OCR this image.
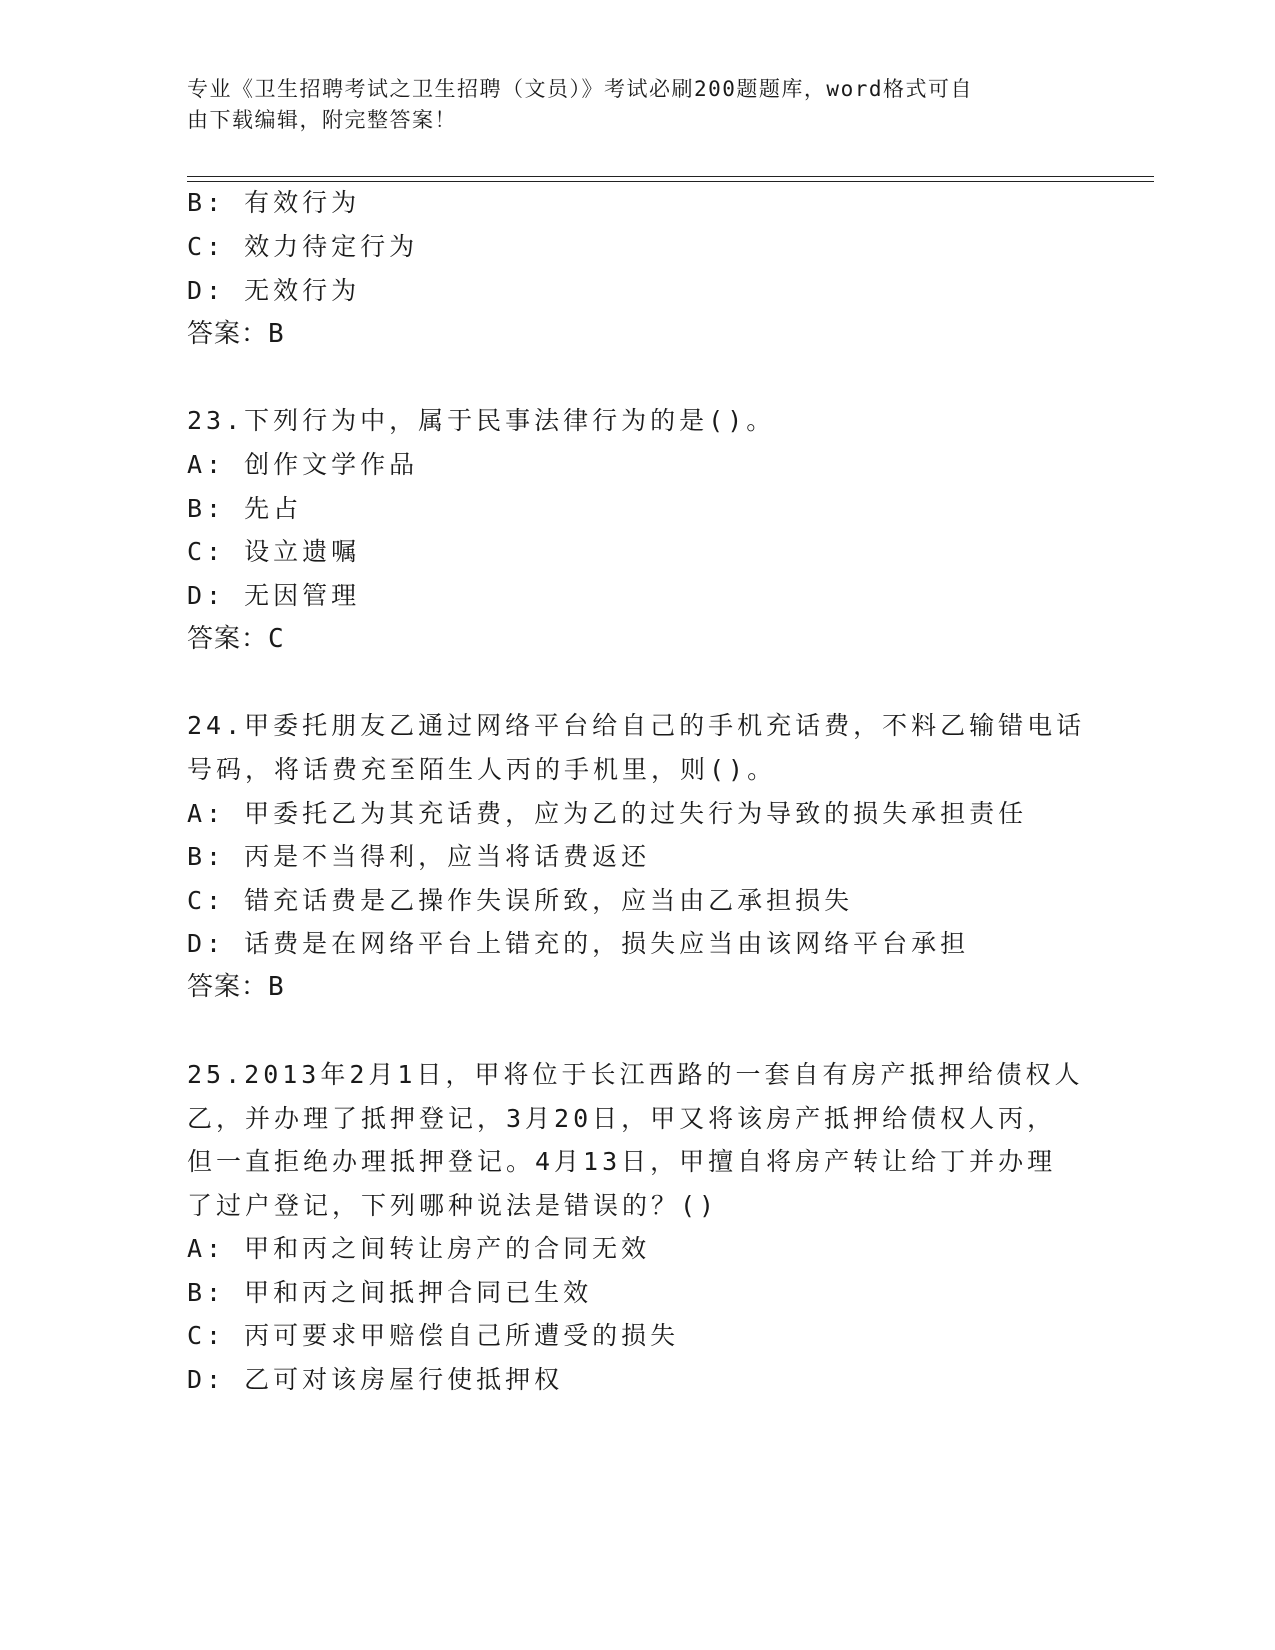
专业《卫生招聘考试之卫生招聘（文员）》考试必刷200题题库，word格式可自
由下载编辑，附完整答案！
B: 有效行为
C: 效力待定行为
D: 无效行为
答案：B
23.下列行为中，属于民事法律行为的是()。
A: 创作文学作品
B: 先占
C: 设立遗嘱
D: 无因管理
答案：C
24.甲委托朋友乙通过网络平台给自己的手机充话费，不料乙输错电话
号码，将话费充至陌生人丙的手机里，则()。
A: 甲委托乙为其充话费，应为乙的过失行为导致的损失承担责任
B: 丙是不当得利，应当将话费返还
C: 错充话费是乙操作失误所致，应当由乙承担损失
D: 话费是在网络平台上错充的，损失应当由该网络平台承担
答案：B
25.2013年2月1日，甲将位于长江西路的一套自有房产抵押给债权人
乙，并办理了抵押登记，3月20日，甲又将该房产抵押给债权人丙，
但一直拒绝办理抵押登记。4月13日，甲擅自将房产转让给丁并办理
了过户登记，下列哪种说法是错误的？()
A: 甲和丙之间转让房产的合同无效
B: 甲和丙之间抵押合同已生效
C: 丙可要求甲赔偿自己所遭受的损失
D: 乙可对该房屋行使抵押权
